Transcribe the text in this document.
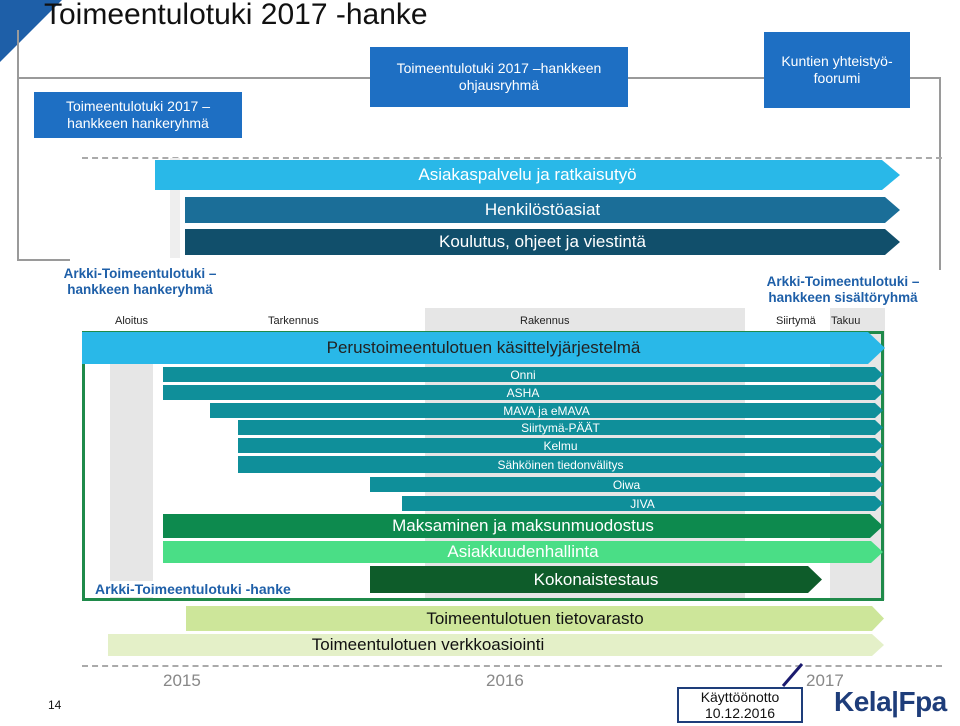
Toimeentulotuki 2017 -hanke
Toimeentulotuki 2017 –hankkeen ohjausryhmä
Kuntien yhteistyö-foorumi
Toimeentulotuki 2017 –hankkeen hankeryhmä
Asiakaspalvelu ja ratkaisutyö
Henkilöstöasiat
Koulutus, ohjeet ja viestintä
Arkki-Toimeentulotuki – hankkeen hankeryhmä
Arkki-Toimeentulotuki – hankkeen sisältöryhmä
Aloitus	Tarkennus	Rakennus	Siirtymä Takuu
Arkki-Toimeentulotuki -hanke
Perustoimeentulotuen käsittelyjärjestelmä
Onni
ASHA
MAVA ja eMAVA
Siirtymä-PÄÄT
Kelmu
Sähköinen tiedonvälitys
Oiwa
JIVA
Maksaminen ja maksunmuodostus
Asiakkuudenhallinta
Kokonaistestaus
Toimeentulotuen tietovarasto
Toimeentulotuen verkkoasiointi
2015	2016	2017
14	Käyttöönotto
10.12.2016	Kela|Fpa
